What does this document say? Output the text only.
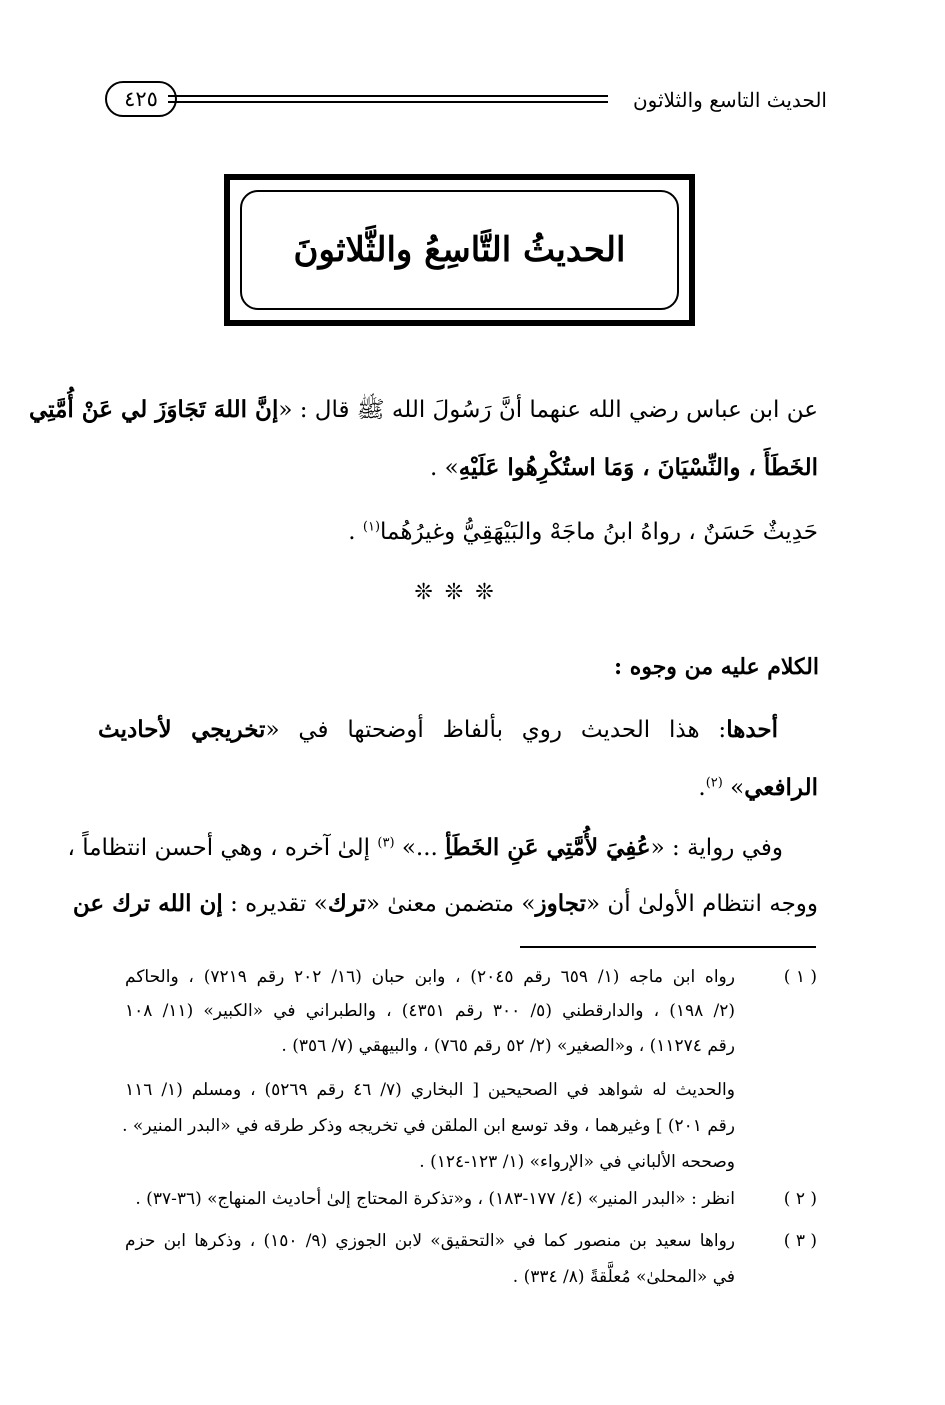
الحديث التاسع والثلاثون
٤٢٥
الحديثُ التَّاسِعُ والثَّلاثونَ
عن ابن عباس رضي الله عنهما أنَّ رَسُولَ الله ﷺ قال : «إنَّ اللهَ تَجَاوَزَ لي عَنْ أُمَّتِي
الخَطَأَ ، والنِّسْيَانَ ، وَمَا استُكْرِهُوا عَلَيْهِ» .
حَدِيثٌ حَسَنٌ ، رواهُ ابنُ ماجَهْ والبَيْهَقِيُّ وغيرُهُما$^{(١)}$ .
❊❊❊
الكلام عليه من وجوه :
أحدها: هذا الحديث روي بألفاظ أوضحتها في «تخريجي لأحاديث
الرافعي» $^{(٢)}$.
وفي رواية : «عُفِيَ لأُمَّتِي عَنِ الخَطَأِ ...» $^{(٣)}$ إلىٰ آخره ، وهي أحسن انتظاماً ،
ووجه انتظام الأولىٰ أن «تجاوز» متضمن معنىٰ «ترك» تقديره : إن الله ترك عن
( ١ )
رواه ابن ماجه (١/ ٦٥٩ رقم ٢٠٤٥) ، وابن حبان (١٦/ ٢٠٢ رقم ٧٢١٩) ، والحاكم
(٢/ ١٩٨) ، والدارقطني (٥/ ٣٠٠ رقم ٤٣٥١) ، والطبراني في «الكبير» (١١/ ١٠٨
رقم ١١٢٧٤) ، و«الصغير» (٢/ ٥٢ رقم ٧٦٥) ، والبيهقي (٧/ ٣٥٦) .
والحديث له شواهد في الصحيحين [ البخاري (٧/ ٤٦ رقم ٥٢٦٩) ، ومسلم (١/ ١١٦
رقم ٢٠١) ] وغيرهما ، وقد توسع ابن الملقن في تخريجه وذكر طرقه في «البدر المنير» .
وصححه الألباني في «الإرواء» (١/ ١٢٣-١٢٤) .
( ٢ )
انظر : «البدر المنير» (٤/ ١٧٧-١٨٣) ، و«تذكرة المحتاج إلىٰ أحاديث المنهاج» (٣٦-٣٧) .
( ٣ )
رواها سعيد بن منصور كما في «التحقيق» لابن الجوزي (٩/ ١٥٠) ، وذكرها ابن حزم
في «المحلىٰ» مُعلَّقةً (٨/ ٣٣٤) .
